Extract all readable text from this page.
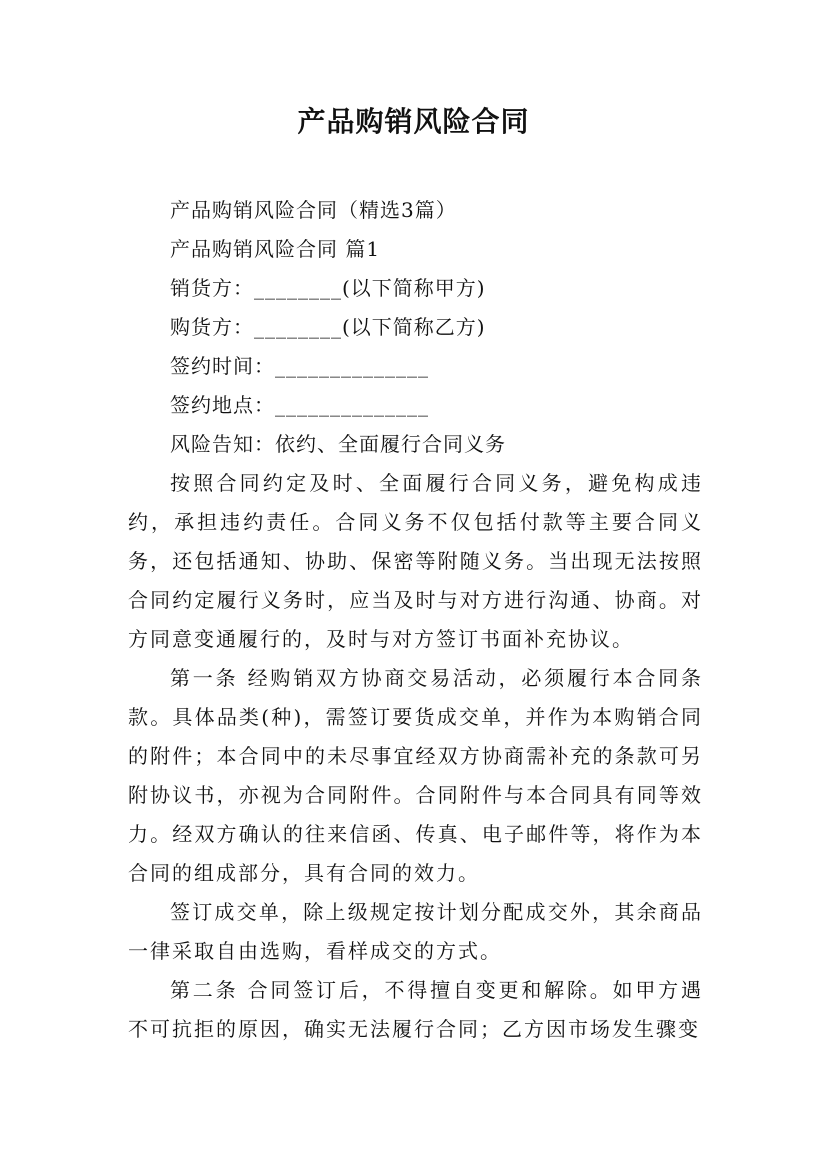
产品购销风险合同

产品购销风险合同（精选3篇）

产品购销风险合同 篇1

销货方：________(以下简称甲方)

购货方：________(以下简称乙方)

签约时间：______________

签约地点：______________

风险告知：依约、全面履行合同义务

按照合同约定及时、全面履行合同义务，避免构成违约，承担违约责任。合同义务不仅包括付款等主要合同义务，还包括通知、协助、保密等附随义务。当出现无法按照合同约定履行义务时，应当及时与对方进行沟通、协商。对方同意变通履行的，及时与对方签订书面补充协议。

第一条 经购销双方协商交易活动，必须履行本合同条款。具体品类(种)，需签订要货成交单，并作为本购销合同的附件；本合同中的未尽事宜经双方协商需补充的条款可另附协议书，亦视为合同附件。合同附件与本合同具有同等效力。经双方确认的往来信函、传真、电子邮件等，将作为本合同的组成部分，具有合同的效力。

签订成交单，除上级规定按计划分配成交外，其余商品一律采取自由选购，看样成交的方式。

第二条 合同签订后，不得擅自变更和解除。如甲方遇不可抗拒的原因，确实无法履行合同；乙方因市场发生骤变
